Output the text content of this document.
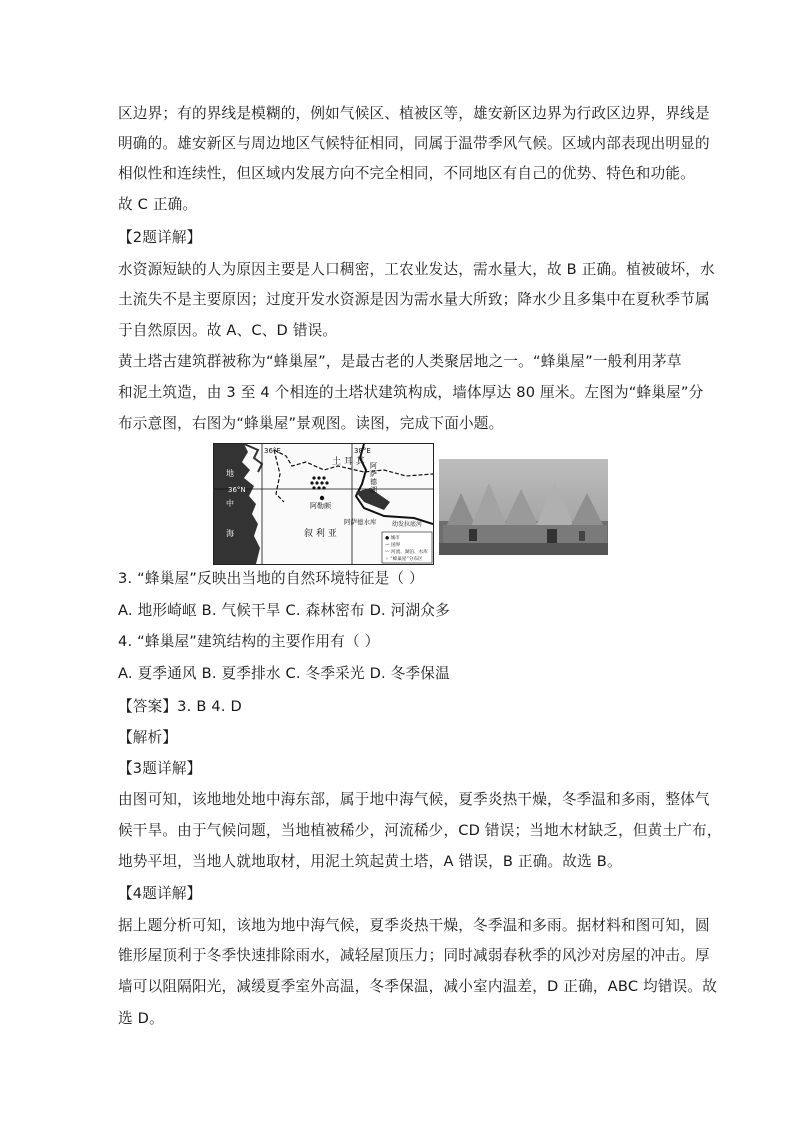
区边界；有的界线是模糊的，例如气候区、植被区等，雄安新区边界为行政区边界，界线是
明确的。雄安新区与周边地区气候特征相同，同属于温带季风气候。区域内部表现出明显的
相似性和连续性，但区域内发展方向不完全相同，不同地区有自己的优势、特色和功能。
故 C 正确。
【2题详解】
水资源短缺的人为原因主要是人口稠密，工农业发达，需水量大，故 B 正确。植被破坏，水
土流失不是主要原因；过度开发水资源是因为需水量大所致；降水少且多集中在夏秋季节属
于自然原因。故 A、C、D 错误。
黄土塔古建筑群被称为“蜂巢屋”，是最古老的人类聚居地之一。“蜂巢屋”一般利用茅草
和泥土筑造，由 3 至 4 个相连的土塔状建筑构成，墙体厚达 80 厘米。左图为“蜂巢屋”分
布示意图，右图为“蜂巢屋”景观图。读图，完成下面小题。
36°E	38°E
36°N
土 耳 其
叙 利 亚
地
中
海
阿勒颇
阿
萨
德
湖
阿萨德水库	幼发拉底河
● 城市
— 国界
〰 河流、湖泊、水库
⁘ “蜂巢屋”分布区
3. “蜂巢屋”反映出当地的自然环境特征是（ ）
A. 地形崎岖 B. 气候干旱 C. 森林密布 D. 河湖众多
4. “蜂巢屋”建筑结构的主要作用有（ ）
A. 夏季通风 B. 夏季排水 C. 冬季采光 D. 冬季保温
【答案】3. B 4. D
【解析】
【3题详解】
由图可知，该地地处地中海东部，属于地中海气候，夏季炎热干燥，冬季温和多雨，整体气
候干旱。由于气候问题，当地植被稀少，河流稀少，CD 错误；当地木材缺乏，但黄土广布，
地势平坦，当地人就地取材，用泥土筑起黄土塔，A 错误，B 正确。故选 B。
【4题详解】
据上题分析可知，该地为地中海气候，夏季炎热干燥，冬季温和多雨。据材料和图可知，圆
锥形屋顶利于冬季快速排除雨水，减轻屋顶压力；同时减弱春秋季的风沙对房屋的冲击。厚
墙可以阻隔阳光，减缓夏季室外高温，冬季保温，减小室内温差，D 正确，ABC 均错误。故
选 D。
